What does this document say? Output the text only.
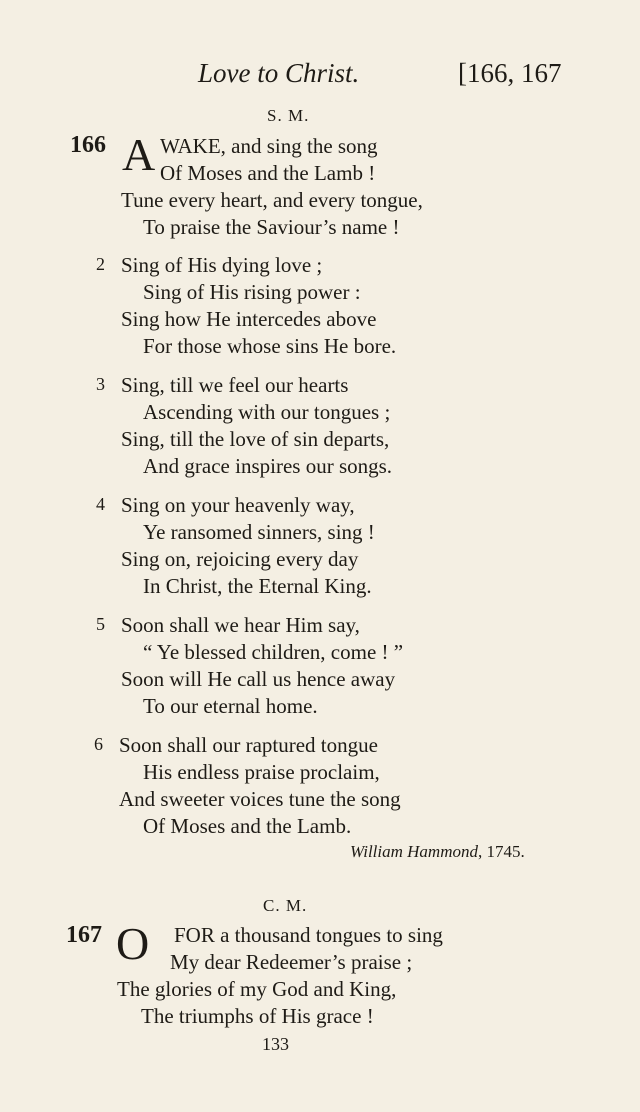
Love to Christ.	[166, 167
S. M.
166 A WAKE, and sing the song
Of Moses and the Lamb !
Tune every heart, and every tongue,
To praise the Saviour’s name !
2 Sing of His dying love ;
Sing of His rising power :
Sing how He intercedes above
For those whose sins He bore.
3 Sing, till we feel our hearts
Ascending with our tongues ;
Sing, till the love of sin departs,
And grace inspires our songs.
4 Sing on your heavenly way,
Ye ransomed sinners, sing !
Sing on, rejoicing every day
In Christ, the Eternal King.
5 Soon shall we hear Him say,
“ Ye blessed children, come ! ”
Soon will He call us hence away
To our eternal home.
6 Soon shall our raptured tongue
His endless praise proclaim,
And sweeter voices tune the song
Of Moses and the Lamb.
William Hammond, 1745.
C. M.
167 O FOR a thousand tongues to sing
My dear Redeemer’s praise ;
The glories of my God and King,
The triumphs of His grace !
133
